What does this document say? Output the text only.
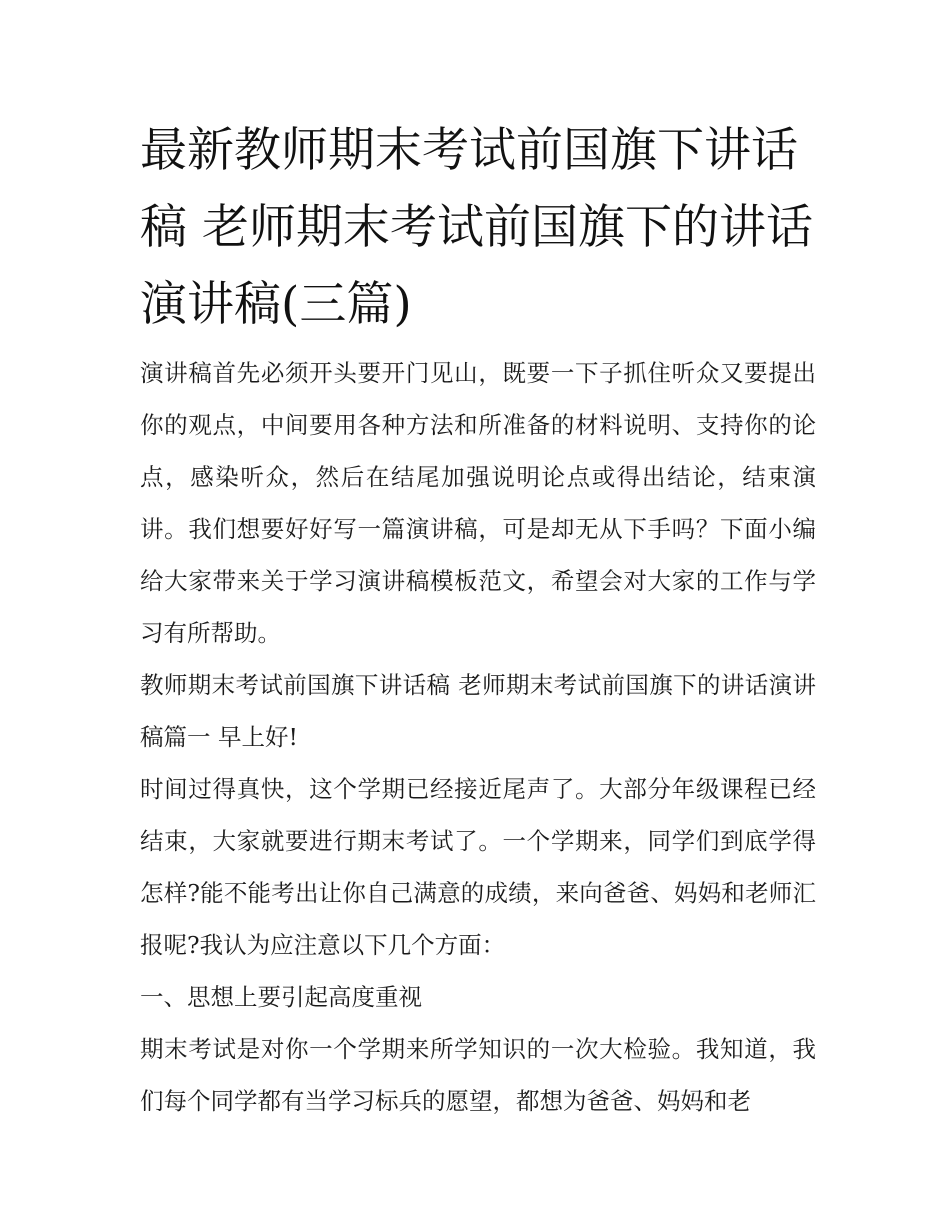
最新教师期末考试前国旗下讲话稿 老师期末考试前国旗下的讲话演讲稿(三篇)

演讲稿首先必须开头要开门见山，既要一下子抓住听众又要提出你的观点，中间要用各种方法和所准备的材料说明、支持你的论点，感染听众，然后在结尾加强说明论点或得出结论，结束演讲。我们想要好好写一篇演讲稿，可是却无从下手吗？下面小编给大家带来关于学习演讲稿模板范文，希望会对大家的工作与学习有所帮助。

教师期末考试前国旗下讲话稿 老师期末考试前国旗下的讲话演讲稿篇一 早上好!

时间过得真快，这个学期已经接近尾声了。大部分年级课程已经结束，大家就要进行期末考试了。一个学期来，同学们到底学得怎样?能不能考出让你自己满意的成绩，来向爸爸、妈妈和老师汇报呢?我认为应注意以下几个方面：

一、思想上要引起高度重视

期末考试是对你一个学期来所学知识的一次大检验。我知道，我们每个同学都有当学习标兵的愿望，都想为爸爸、妈妈和老
